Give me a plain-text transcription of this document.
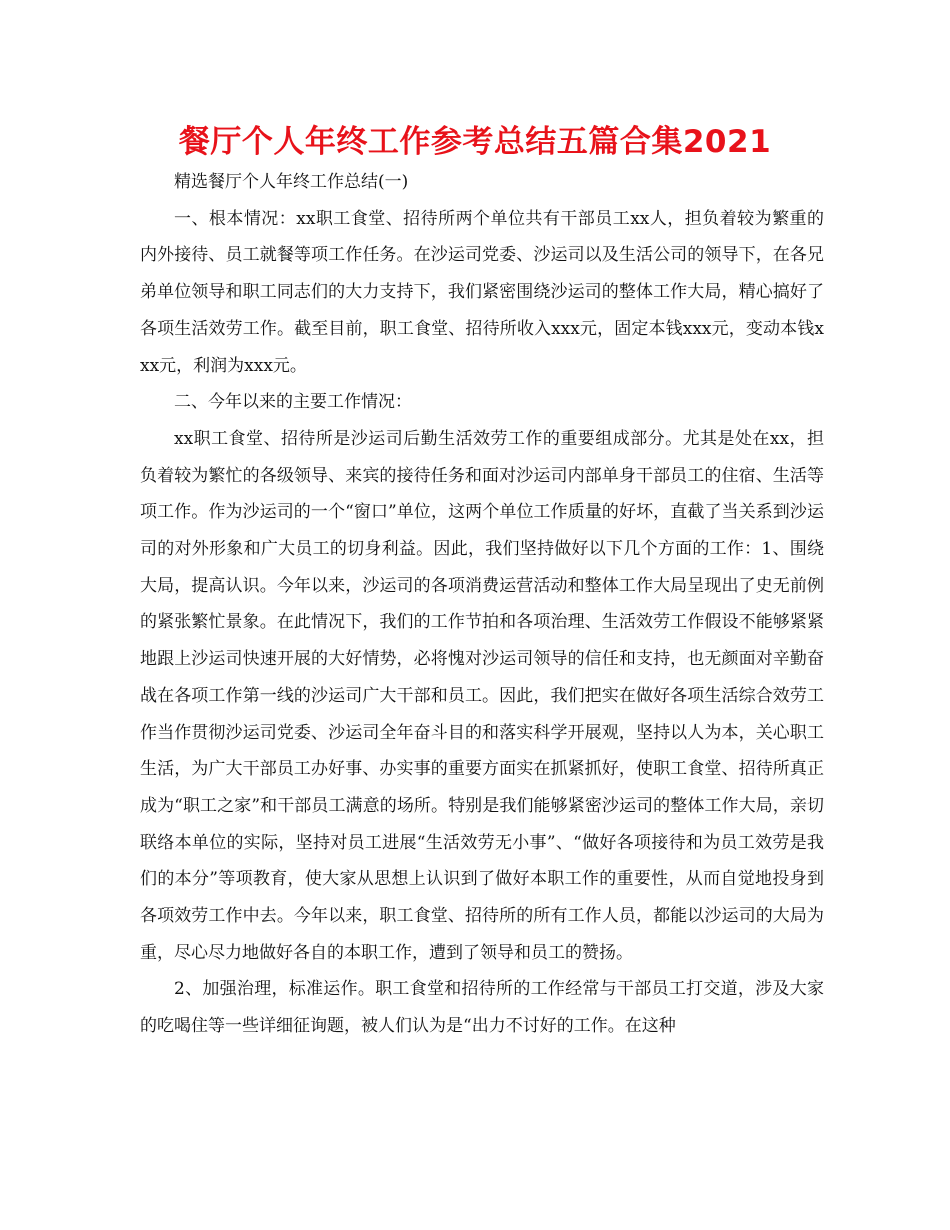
餐厅个人年终工作参考总结五篇合集2021

精选餐厅个人年终工作总结(一)

一、根本情况：xx职工食堂、招待所两个单位共有干部员工xx人，担负着较为繁重的内外接待、员工就餐等项工作任务。在沙运司党委、沙运司以及生活公司的领导下，在各兄弟单位领导和职工同志们的大力支持下，我们紧密围绕沙运司的整体工作大局，精心搞好了各项生活效劳工作。截至目前，职工食堂、招待所收入xxx元，固定本钱xxx元，变动本钱xxx元，利润为xxx元。

二、今年以来的主要工作情况：

xx职工食堂、招待所是沙运司后勤生活效劳工作的重要组成部分。尤其是处在xx，担负着较为繁忙的各级领导、来宾的接待任务和面对沙运司内部单身干部员工的住宿、生活等项工作。作为沙运司的一个“窗口”单位，这两个单位工作质量的好坏，直截了当关系到沙运司的对外形象和广大员工的切身利益。因此，我们坚持做好以下几个方面的工作：1、围绕大局，提高认识。今年以来，沙运司的各项消费运营活动和整体工作大局呈现出了史无前例的紧张繁忙景象。在此情况下，我们的工作节拍和各项治理、生活效劳工作假设不能够紧紧地跟上沙运司快速开展的大好情势，必将愧对沙运司领导的信任和支持，也无颜面对辛勤奋战在各项工作第一线的沙运司广大干部和员工。因此，我们把实在做好各项生活综合效劳工作当作贯彻沙运司党委、沙运司全年奋斗目的和落实科学开展观，坚持以人为本，关心职工生活，为广大干部员工办好事、办实事的重要方面实在抓紧抓好，使职工食堂、招待所真正成为“职工之家”和干部员工满意的场所。特别是我们能够紧密沙运司的整体工作大局，亲切联络本单位的实际，坚持对员工进展“生活效劳无小事”、“做好各项接待和为员工效劳是我们的本分”等项教育，使大家从思想上认识到了做好本职工作的重要性，从而自觉地投身到各项效劳工作中去。今年以来，职工食堂、招待所的所有工作人员，都能以沙运司的大局为重，尽心尽力地做好各自的本职工作，遭到了领导和员工的赞扬。

2、加强治理，标准运作。职工食堂和招待所的工作经常与干部员工打交道，涉及大家的吃喝住等一些详细征询题，被人们认为是“出力不讨好的工作。在这种
